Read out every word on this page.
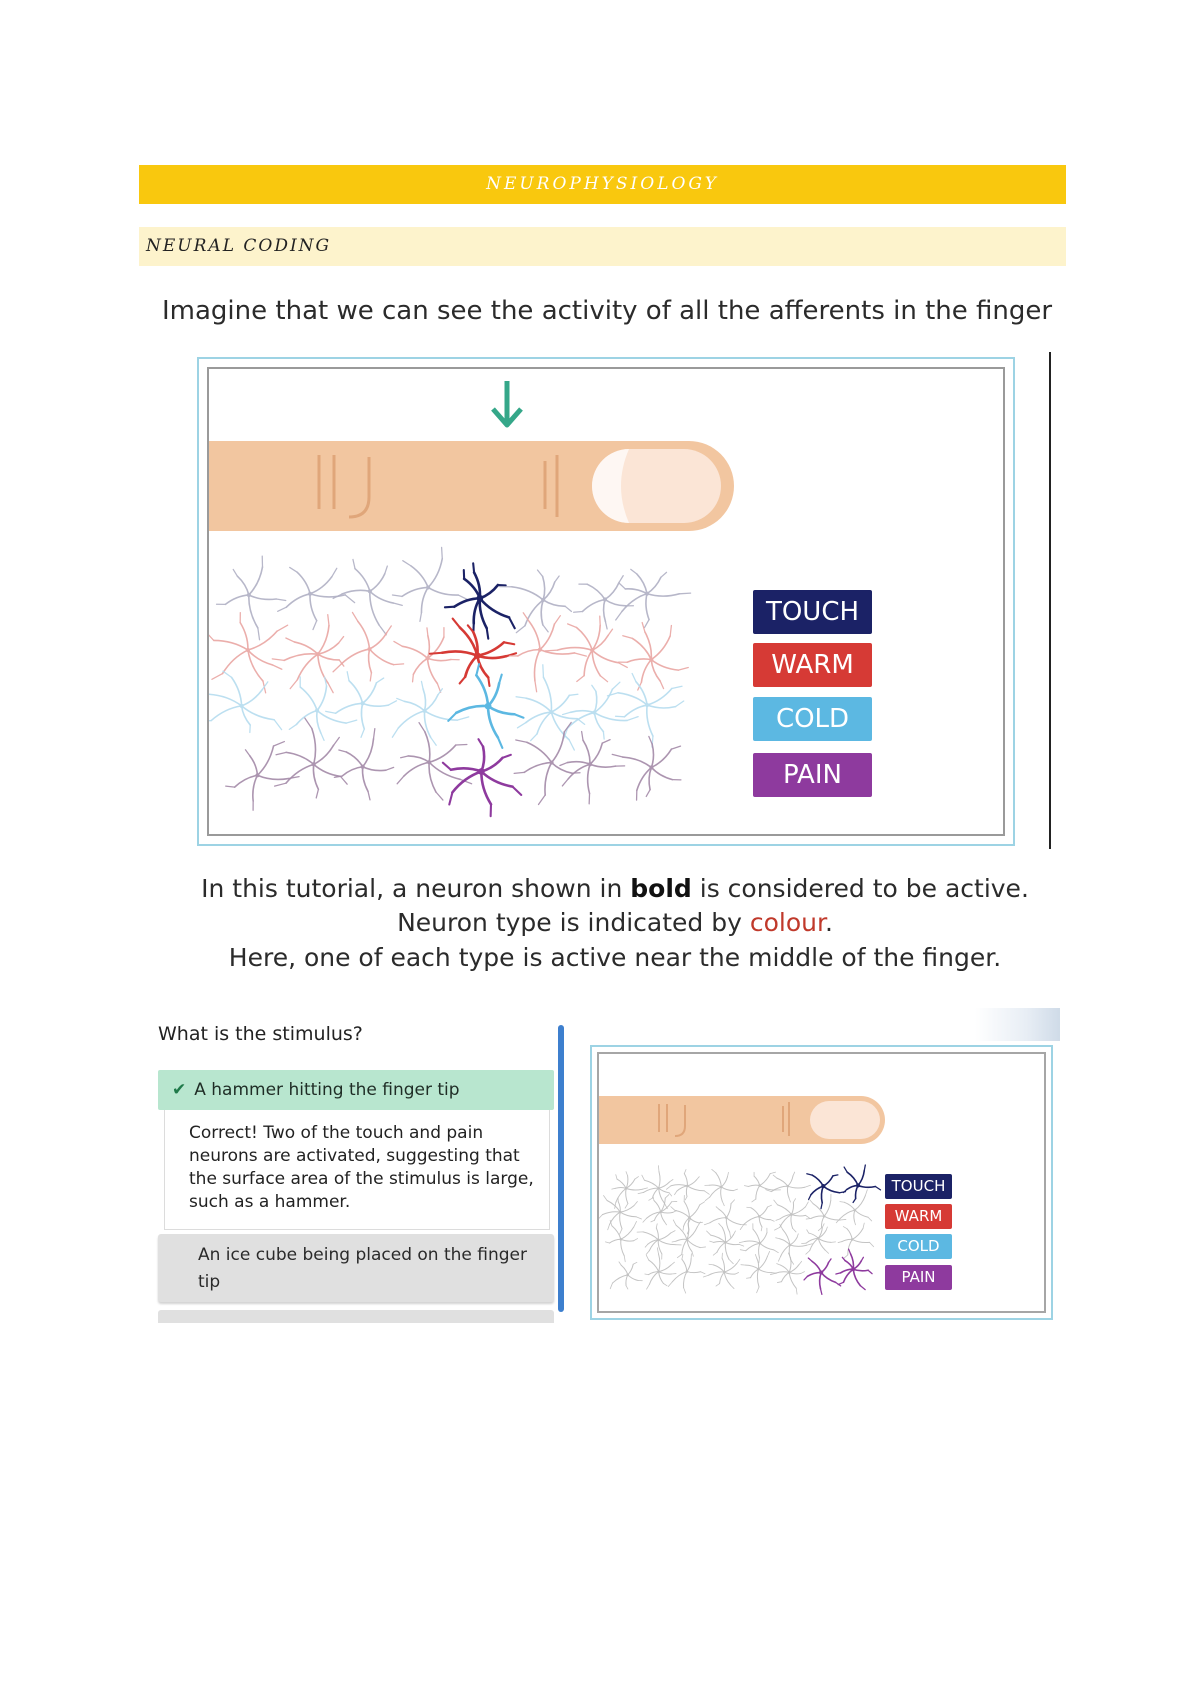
NEUROPHYSIOLOGY
NEURAL CODING
Imagine that we can see the activity of all the afferents in the finger
TOUCH
WARM
COLD
PAIN
In this tutorial, a neuron shown in bold is considered to be active.
Neuron type is indicated by colour.
Here, one of each type is active near the middle of the finger.
What is the stimulus?
✔ A hammer hitting the finger tip
Correct! Two of the touch and pain neurons are activated, suggesting that the surface area of the stimulus is large, such as a hammer.
An ice cube being placed on the finger tip
TOUCH
WARM
COLD
PAIN
